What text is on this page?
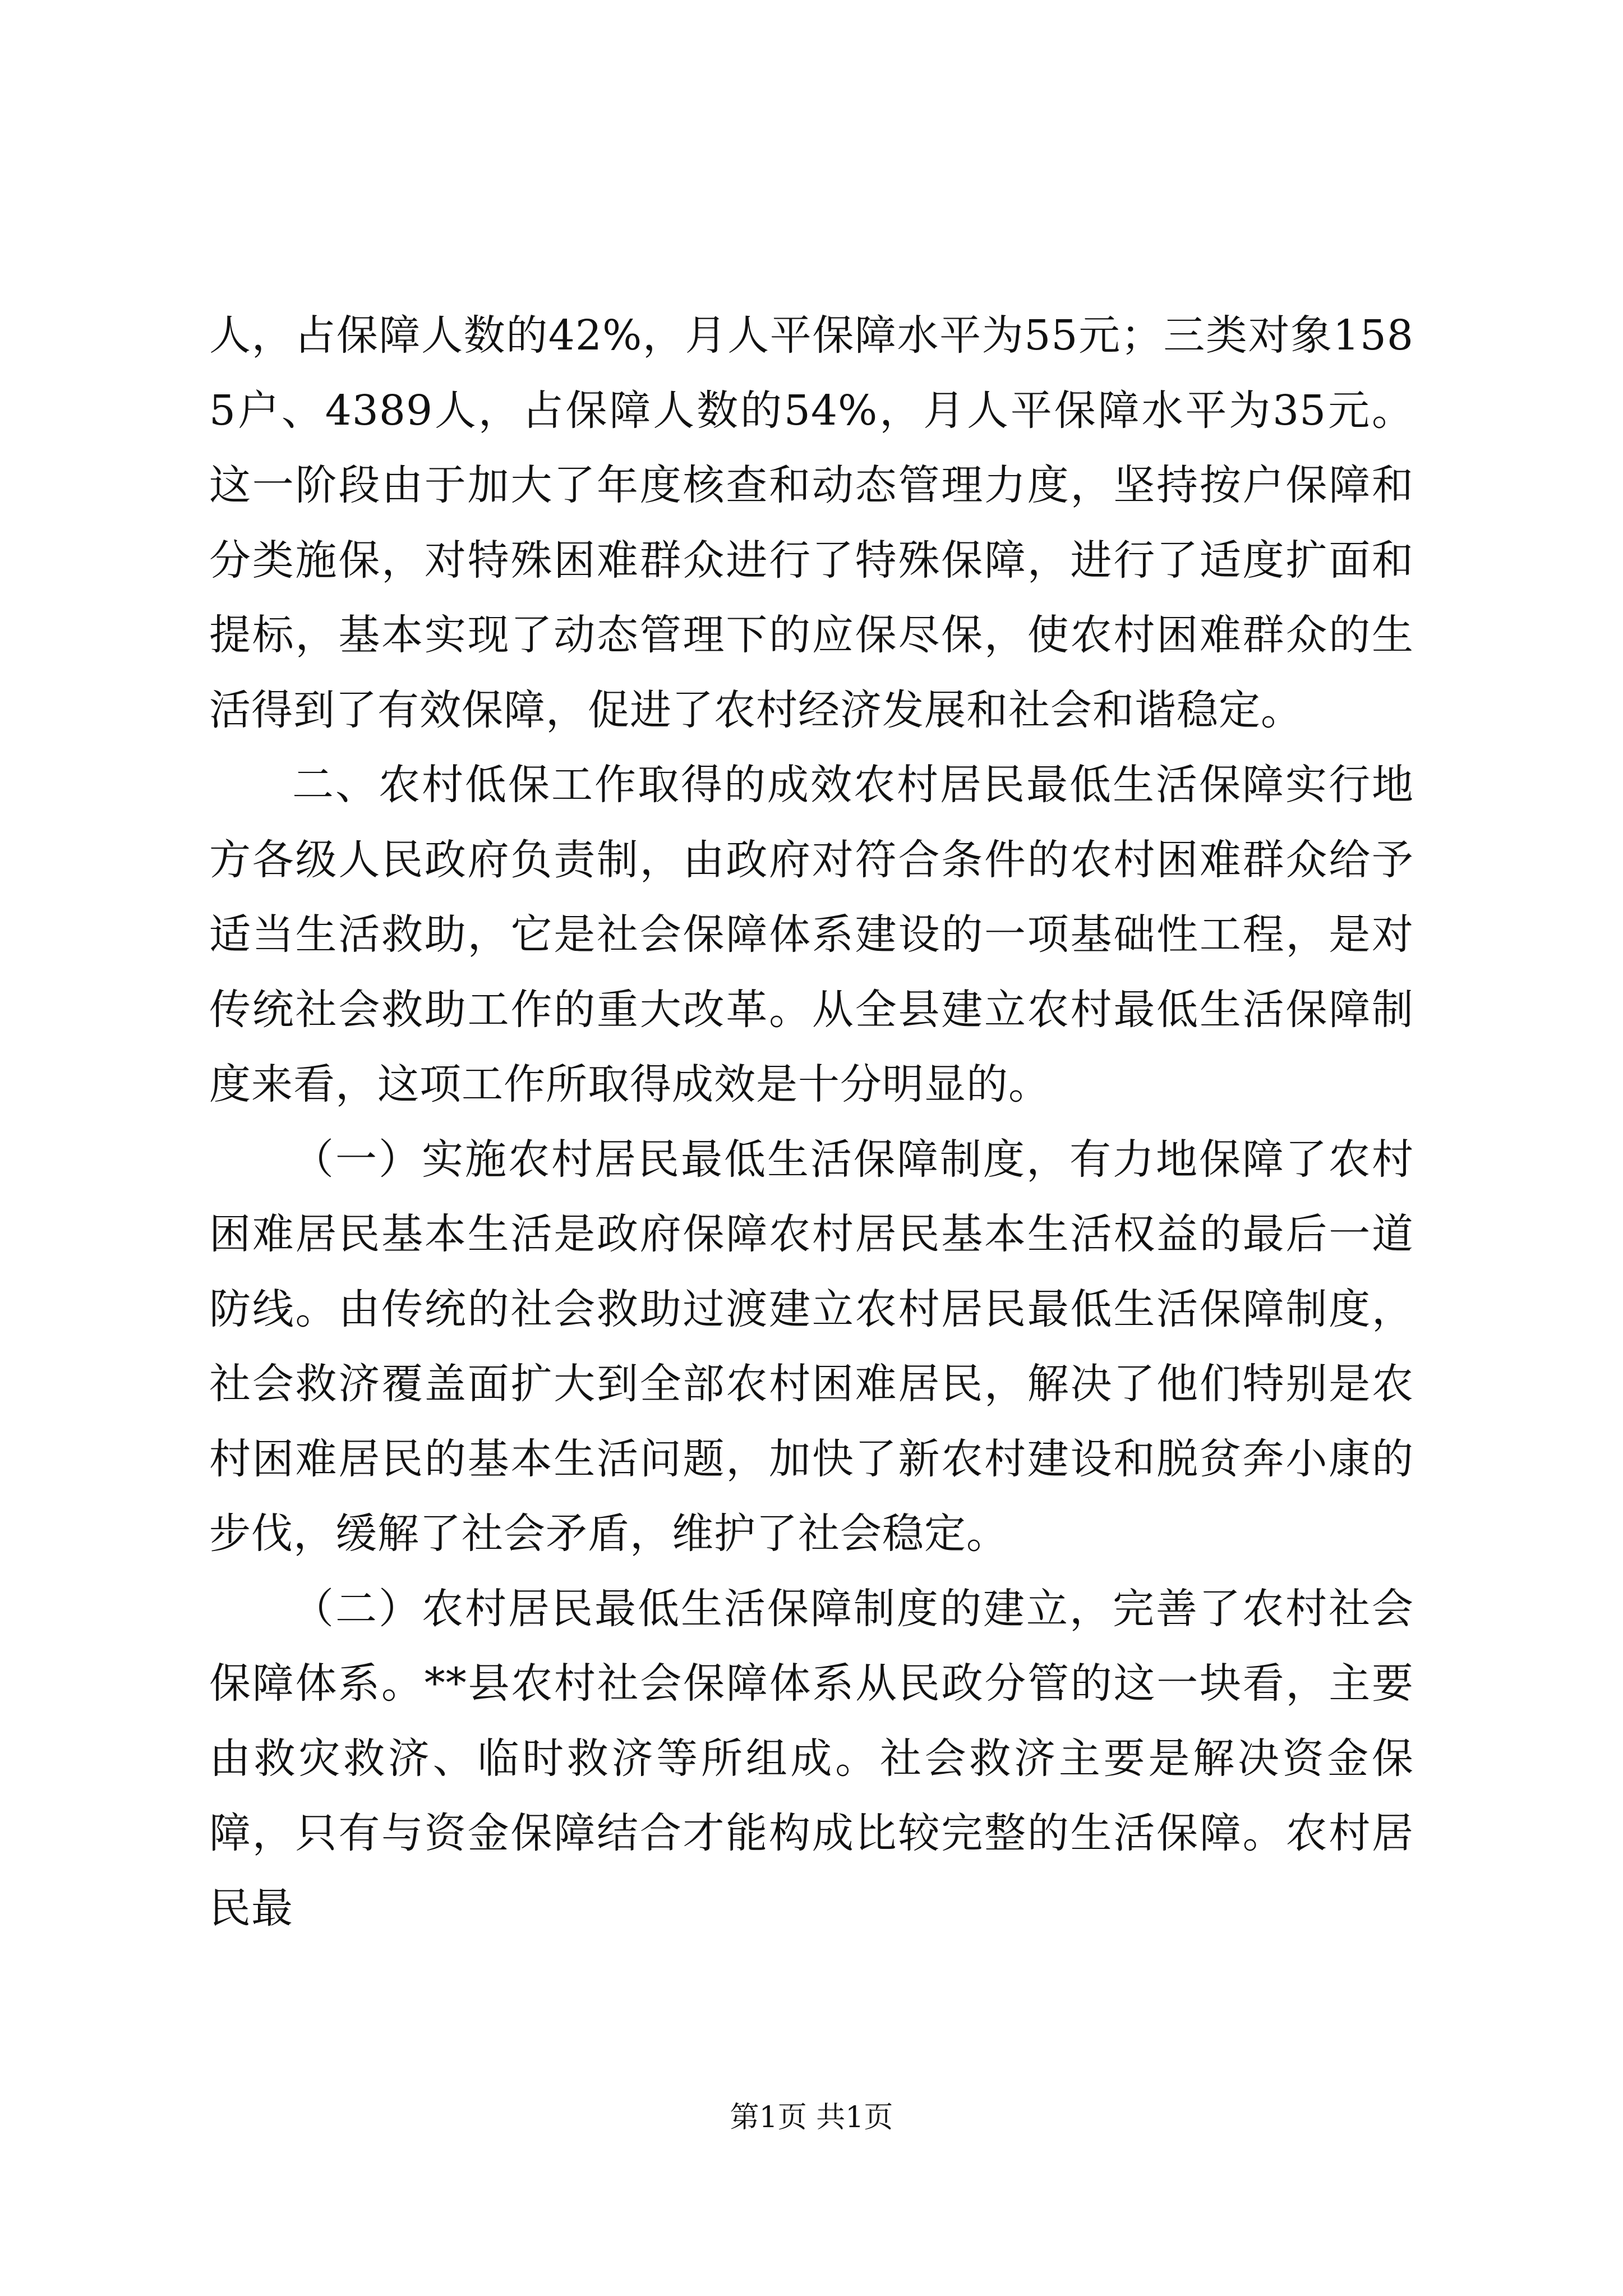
人，占保障人数的42%，月人平保障水平为55元；三类对象1585户、4389人，占保障人数的54%，月人平保障水平为35元。这一阶段由于加大了年度核查和动态管理力度，坚持按户保障和分类施保，对特殊困难群众进行了特殊保障，进行了适度扩面和提标，基本实现了动态管理下的应保尽保，使农村困难群众的生活得到了有效保障，促进了农村经济发展和社会和谐稳定。

二、农村低保工作取得的成效农村居民最低生活保障实行地方各级人民政府负责制，由政府对符合条件的农村困难群众给予适当生活救助，它是社会保障体系建设的一项基础性工程，是对传统社会救助工作的重大改革。从全县建立农村最低生活保障制度来看，这项工作所取得成效是十分明显的。

（一）实施农村居民最低生活保障制度，有力地保障了农村困难居民基本生活是政府保障农村居民基本生活权益的最后一道防线。由传统的社会救助过渡建立农村居民最低生活保障制度，社会救济覆盖面扩大到全部农村困难居民，解决了他们特别是农村困难居民的基本生活问题，加快了新农村建设和脱贫奔小康的步伐，缓解了社会矛盾，维护了社会稳定。

（二）农村居民最低生活保障制度的建立，完善了农村社会保障体系。**县农村社会保障体系从民政分管的这一块看，主要由救灾救济、临时救济等所组成。社会救济主要是解决资金保障，只有与资金保障结合才能构成比较完整的生活保障。农村居民最

第1页 共1页
